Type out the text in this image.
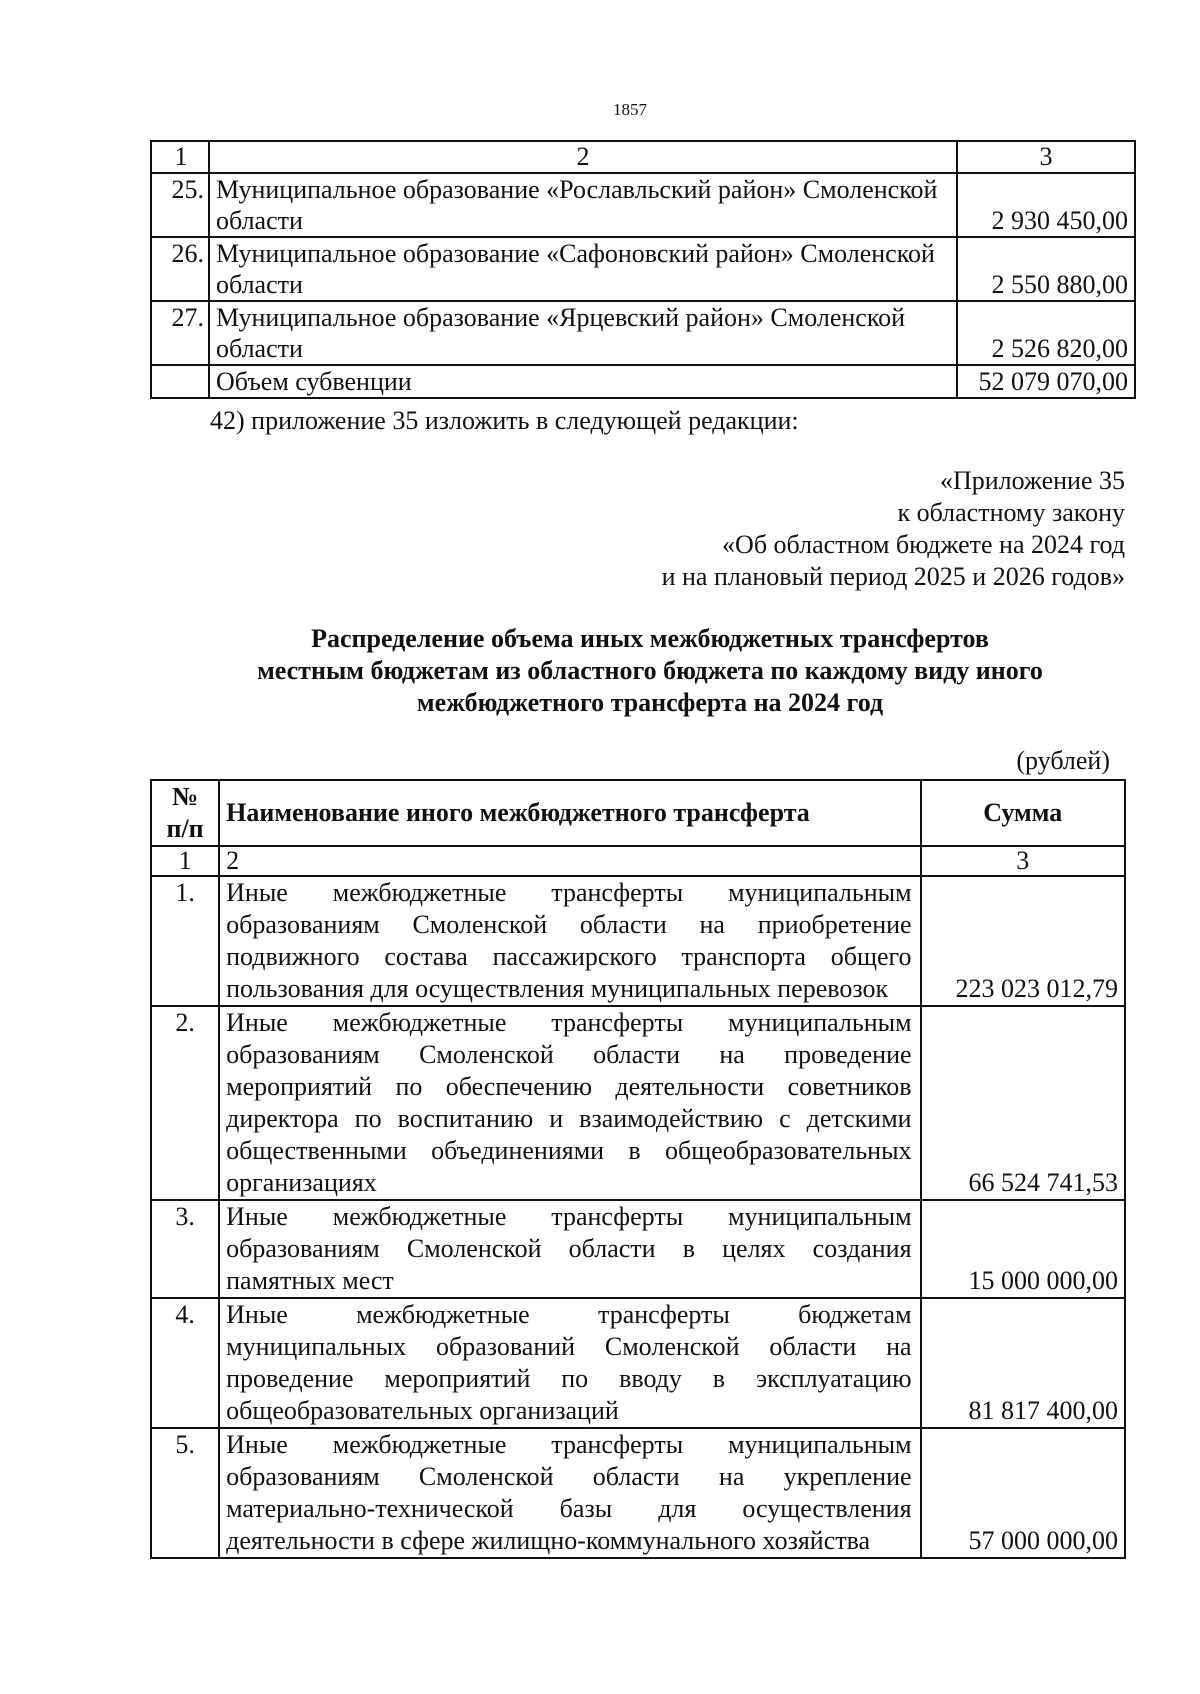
1857
1	2	3
25.	Муниципальное образование «Рославльский район» Смоленской области	2 930 450,00
26.	Муниципальное образование «Сафоновский район» Смоленской области	2 550 880,00
27.	Муниципальное образование «Ярцевский район» Смоленской области	2 526 820,00
	Объем субвенции	52 079 070,00
42) приложение 35 изложить в следующей редакции:
«Приложение 35
к областному закону
«Об областном бюджете на 2024 год
и на плановый период 2025 и 2026 годов»
Распределение объема иных межбюджетных трансфертов
местным бюджетам из областного бюджета по каждому виду иного
межбюджетного трансферта на 2024 год
(рублей)
№ п/п	Наименование иного межбюджетного трансферта	Сумма
1	2	3
1.	Иные межбюджетные трансферты муниципальным образованиям Смоленской области на приобретение подвижного состава пассажирского транспорта общего пользования для осуществления муниципальных перевозок	223 023 012,79
2.	Иные межбюджетные трансферты муниципальным образованиям Смоленской области на проведение мероприятий по обеспечению деятельности советников директора по воспитанию и взаимодействию с детскими общественными объединениями в общеобразовательных организациях	66 524 741,53
3.	Иные межбюджетные трансферты муниципальным образованиям Смоленской области в целях создания памятных мест	15 000 000,00
4.	Иные межбюджетные трансферты бюджетам муниципальных образований Смоленской области на проведение мероприятий по вводу в эксплуатацию общеобразовательных организаций	81 817 400,00
5.	Иные межбюджетные трансферты муниципальным образованиям Смоленской области на укрепление материально-технической базы для осуществления деятельности в сфере жилищно-коммунального хозяйства	57 000 000,00
